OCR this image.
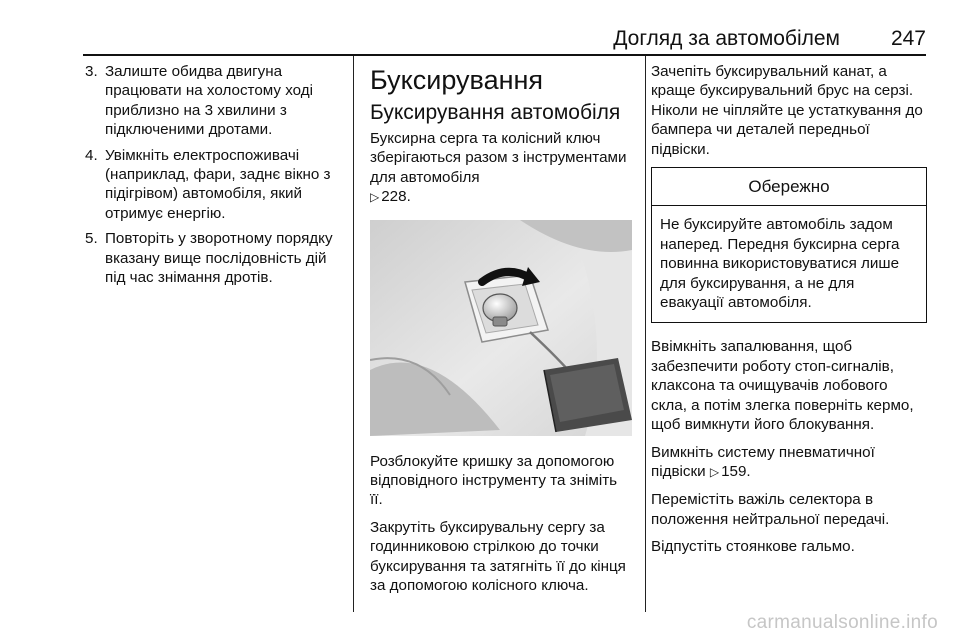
Догляд за автомобілем 247
3. Залиште обидва двигуна працювати на холостому ході приблизно на 3 хвилини з підключеними дротами.
4. Увімкніть електроспоживачі (наприклад, фари, заднє вікно з підігрівом) автомобіля, який отримує енергію.
5. Повторіть у зворотному порядку вказану вище послідовність дій під час знімання дротів.
Буксирування
Буксирування автомобіля

Буксирна серга та колісний ключ зберігаються разом з інструментами для автомобіля
▷ 228.

Розблокуйте кришку за допомогою відповідного інструменту та зніміть її.

Закрутіть буксирувальну сергу за годинниковою стрілкою до точки буксирування та затягніть її до кінця за допомогою колісного ключа.

Зачепіть буксирувальний канат, а краще буксирувальний брус на серзі. Ніколи не чіпляйте це устаткування до бампера чи деталей передньої підвіски.

Обережно
Не буксируйте автомобіль задом наперед. Передня буксирна серга повинна використовуватися лише для буксирування, а не для евакуації автомобіля.

Ввімкніть запалювання, щоб забезпечити роботу стоп-сигналів, клаксона та очищувачів лобового скла, а потім злегка поверніть кермо, щоб вимкнути його блокування.

Вимкніть систему пневматичної підвіски ▷ 159.

Перемістіть важіль селектора в положення нейтральної передачі.

Відпустіть стоянкове гальмо.

carmanualsonline.info
